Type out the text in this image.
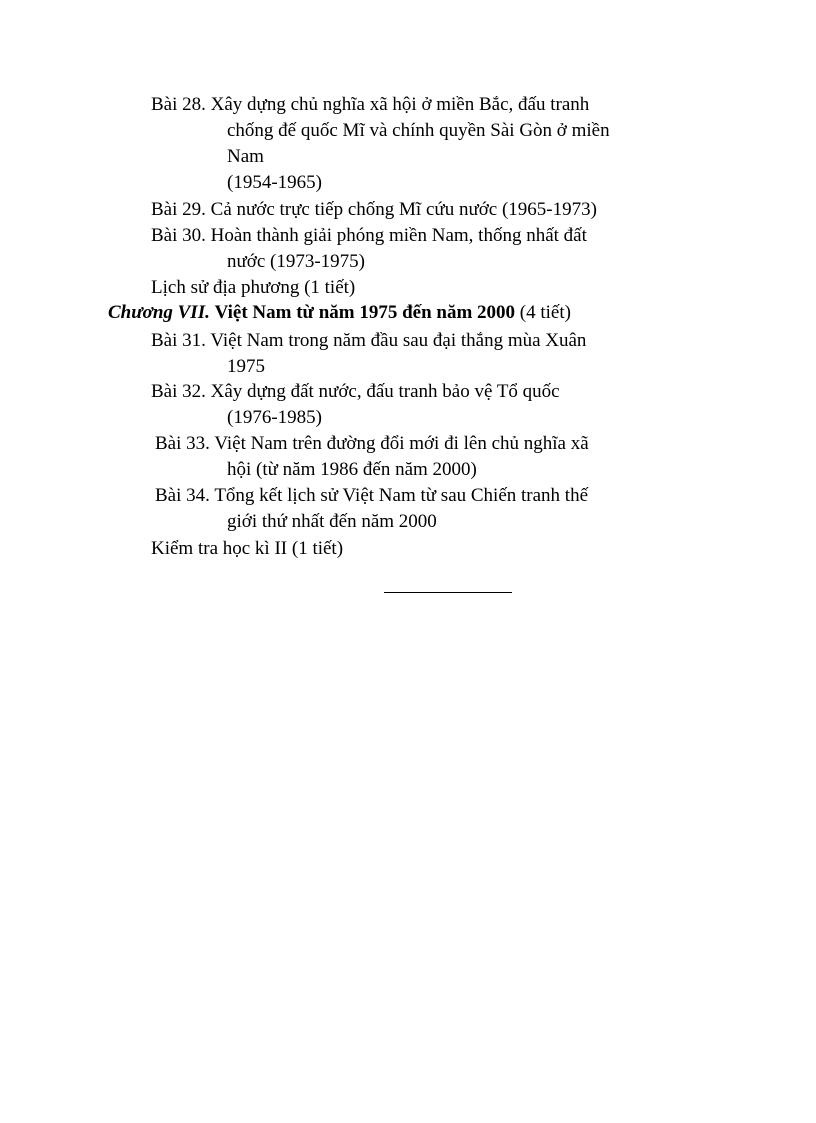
Bài 28. Xây dựng chủ nghĩa xã hội ở miền Bắc, đấu tranh
chống đế quốc Mĩ và chính quyền Sài Gòn ở miền
Nam
(1954-1965)
Bài 29. Cả nước trực tiếp chống Mĩ cứu nước (1965-1973)
Bài 30. Hoàn thành giải phóng miền Nam, thống nhất đất
nước (1973-1975)
Lịch sử địa phương (1 tiết)
Chương VII. Việt Nam từ năm 1975 đến năm 2000 (4 tiết)
Bài 31. Việt Nam trong năm đầu sau đại thắng mùa Xuân
1975
Bài 32. Xây dựng đất nước, đấu tranh bảo vệ Tổ quốc
(1976-1985)
Bài 33. Việt Nam trên đường đổi mới đi lên chủ nghĩa xã
hội (từ năm 1986 đến năm 2000)
Bài 34. Tổng kết lịch sử Việt Nam từ sau Chiến tranh thế
giới thứ nhất đến năm 2000
Kiểm tra học kì II (1 tiết)
